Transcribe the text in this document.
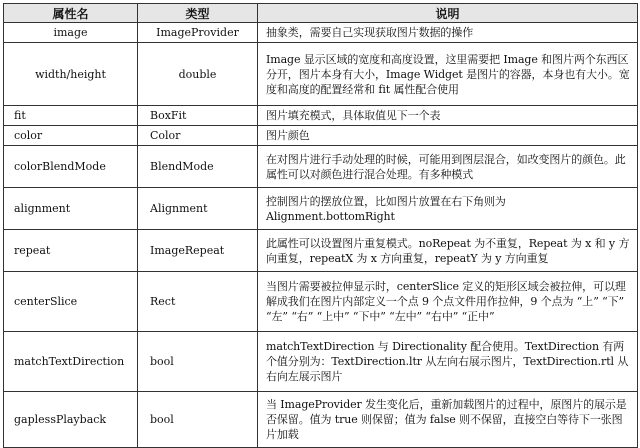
属性名	类型	说明
image	ImageProvider	抽象类，需要自己实现获取图片数据的操作
width/height	double	Image 显示区域的宽度和高度设置，这里需要把 Image 和图片两个东西区分开，图片本身有大小，Image Widget 是图片的容器，本身也有大小。宽度和高度的配置经常和 fit 属性配合使用
fit	BoxFit	图片填充模式，具体取值见下一个表
color	Color	图片颜色
colorBlendMode	BlendMode	在对图片进行手动处理的时候，可能用到图层混合，如改变图片的颜色。此属性可以对颜色进行混合处理。有多种模式
alignment	Alignment	控制图片的摆放位置，比如图片放置在右下角则为 Alignment.bottomRight
repeat	ImageRepeat	此属性可以设置图片重复模式。noRepeat 为不重复，Repeat 为 x 和 y 方向重复，repeatX 为 x 方向重复，repeatY 为 y 方向重复
centerSlice	Rect	当图片需要被拉伸显示时，centerSlice 定义的矩形区域会被拉伸，可以理解成我们在图片内部定义一个点 9 个点文件用作拉伸，9 个点为 “上” “下” “左” “右” “上中” “下中” “左中” “右中” “正中”
matchTextDirection	bool	matchTextDirection 与 Directionality 配合使用。TextDirection 有两个值分别为：TextDirection.ltr 从左向右展示图片，TextDirection.rtl 从右向左展示图片
gaplessPlayback	bool	当 ImageProvider 发生变化后，重新加载图片的过程中，原图片的展示是否保留。值为 true 则保留；值为 false 则不保留，直接空白等待下一张图片加载
